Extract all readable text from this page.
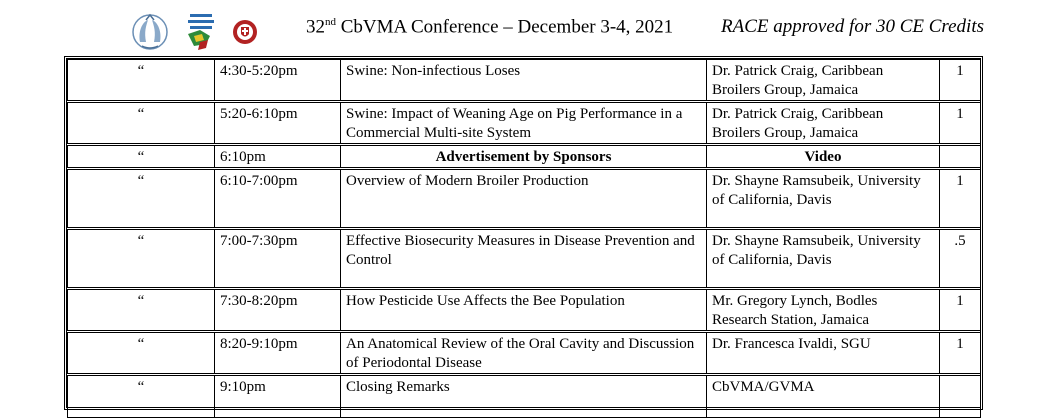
32nd CbVMA Conference – December 3-4, 2021	RACE approved for 30 CE Credits
“	4:30-5:20pm	Swine: Non-infectious Loses	Dr. Patrick Craig, Caribbean Broilers Group, Jamaica	1
“	5:20-6:10pm	Swine: Impact of Weaning Age on Pig Performance in a Commercial Multi-site System	Dr. Patrick Craig, Caribbean Broilers Group, Jamaica	1
“	6:10pm	Advertisement by Sponsors	Video	
“	6:10-7:00pm	Overview of Modern Broiler Production	Dr. Shayne Ramsubeik, University of California, Davis	1
“	7:00-7:30pm	Effective Biosecurity Measures in Disease Prevention and Control	Dr. Shayne Ramsubeik, University of California, Davis	.5
“	7:30-8:20pm	How Pesticide Use Affects the Bee Population	Mr. Gregory Lynch, Bodles Research Station, Jamaica	1
“	8:20-9:10pm	An Anatomical Review of the Oral Cavity and Discussion of Periodontal Disease	Dr. Francesca Ivaldi, SGU	1
“	9:10pm	Closing Remarks	CbVMA/GVMA	
